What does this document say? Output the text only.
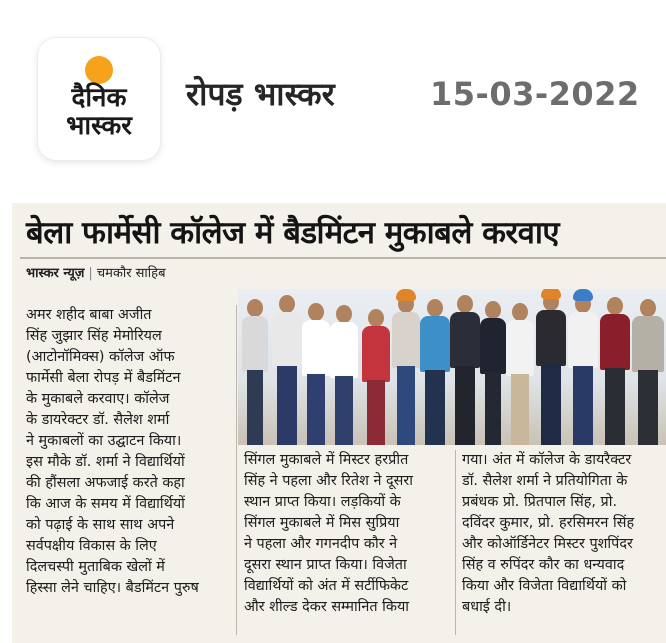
दैनिक
भास्कर
रोपड़ भास्कर	15-03-2022
बेला फार्मेसी कॉलेज में बैडमिंटन मुकाबले करवाए
भास्कर न्यूज़ | चमकौर साहिब
अमर शहीद बाबा अजीत
सिंह जुझार सिंह मेमोरियल
(आटोनॉमिक्स) कॉलेज ऑफ
फार्मेसी बेला रोपड़ में बैडमिंटन
के मुकाबले करवाए। कॉलेज
के डायरेक्टर डॉ. सैलेश शर्मा
ने मुकाबलों का उद्घाटन किया।
इस मौके डॉ. शर्मा ने विद्यार्थियों
की हौंसला अफजाई करते कहा
कि आज के समय में विद्यार्थियों
को पढ़ाई के साथ साथ अपने
सर्वपक्षीय विकास के लिए
दिलचस्पी मुताबिक खेलों में
हिस्सा लेने चाहिए। बैडमिंटन पुरुष
सिंगल मुकाबले में मिस्टर हरप्रीत
सिंह ने पहला और रितेश ने दूसरा
स्थान प्राप्त किया। लड़कियों के
सिंगल मुकाबले में मिस सुप्रिया
ने पहला और गगनदीप कौर ने
दूसरा स्थान प्राप्त किया। विजेता
विद्यार्थियों को अंत में सर्टीफिकेट
और शील्ड देकर सम्मानित किया
गया। अंत में कॉलेज के डायरैक्टर
डॉ. सैलेश शर्मा ने प्रतियोगिता के
प्रबंधक प्रो. प्रितपाल सिंह, प्रो.
दविंदर कुमार, प्रो. हरसिमरन सिंह
और कोऑर्डिनेटर मिस्टर पुशपिंदर
सिंह व रुपिंदर कौर का धन्यवाद
किया और विजेता विद्यार्थियों को
बधाई दी।
